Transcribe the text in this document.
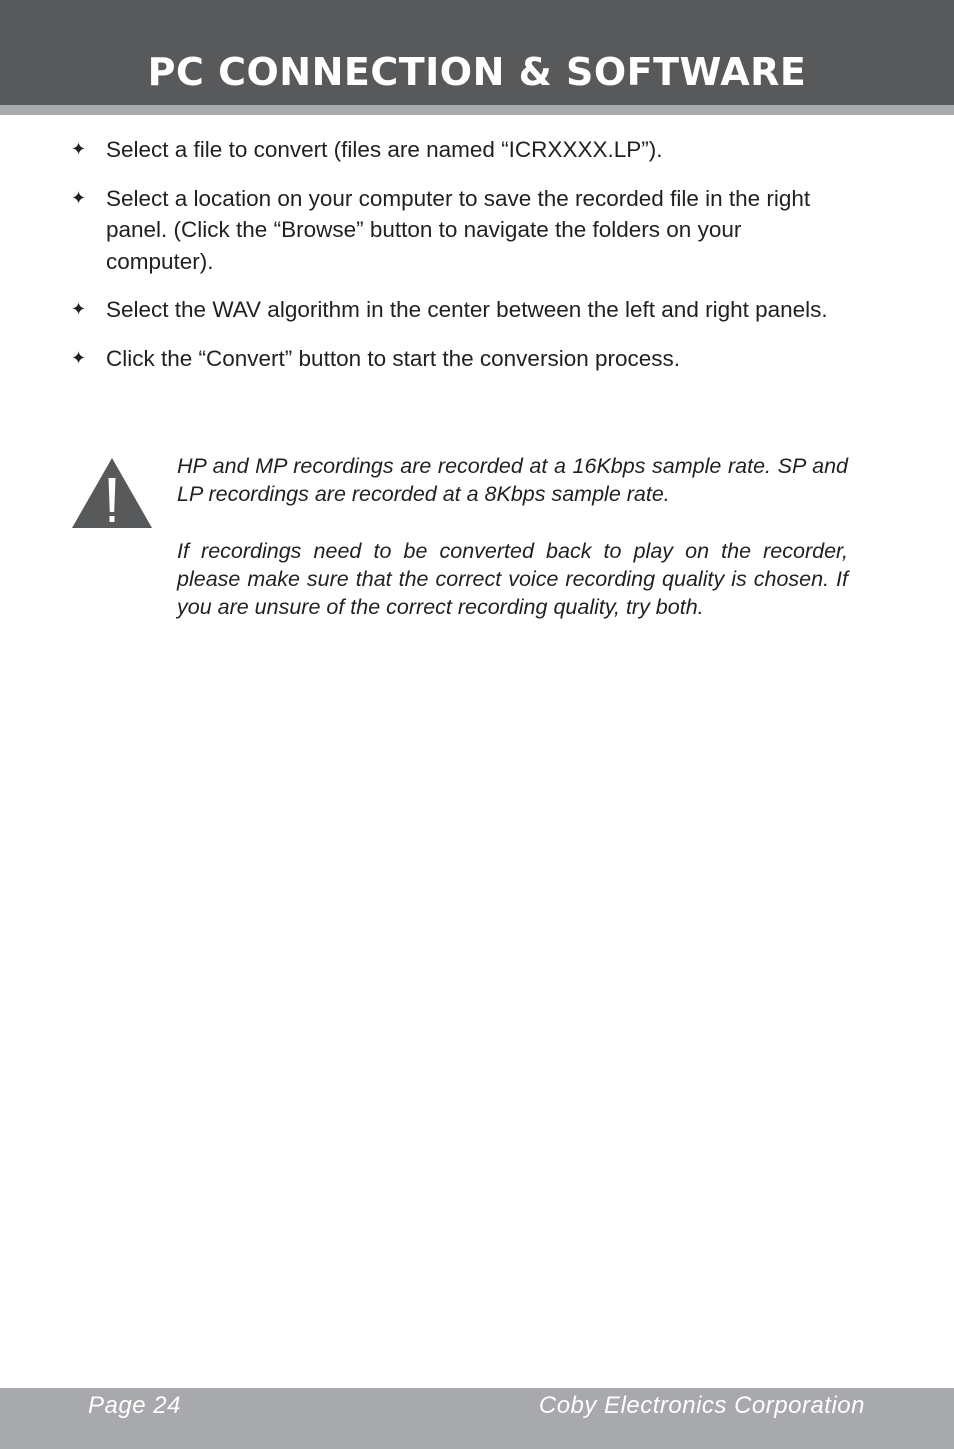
PC CONNECTION & SOFTWARE
✦ Select a file to convert (files are named “ICRXXXX.LP”).
✦ Select a location on your computer to save the recorded file in the right panel. (Click the “Browse” button to navigate the folders on your computer).
✦ Select the WAV algorithm in the center between the left and right panels.
✦ Click the “Convert” button to start the conversion process.

HP and MP recordings are recorded at a 16Kbps sample rate. SP and LP recordings are recorded at a 8Kbps sample rate.

If recordings need to be converted back to play on the recorder, please make sure that the correct voice recording quality is chosen. If you are unsure of the correct recording quality, try both.

Page 24	Coby Electronics Corporation
